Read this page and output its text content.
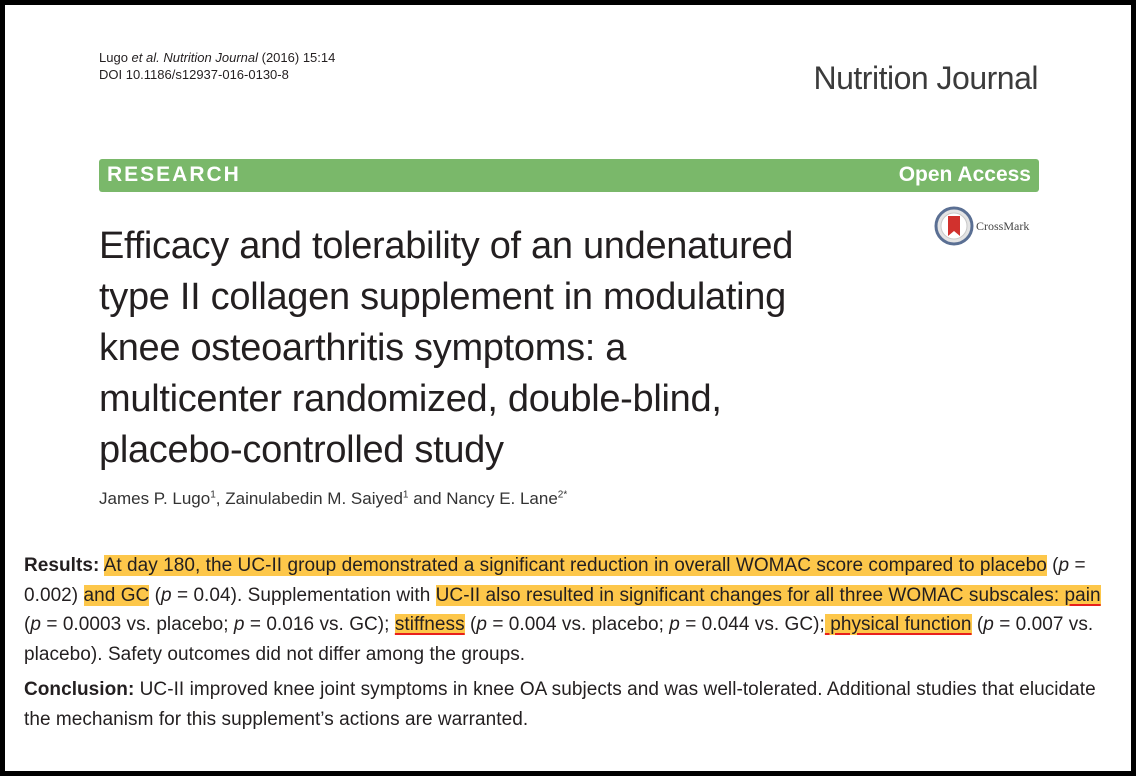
Lugo et al. Nutrition Journal (2016) 15:14
DOI 10.1186/s12937-016-0130-8	Nutrition Journal
RESEARCH	Open Access
CrossMark
Efficacy and tolerability of an undenatured
type II collagen supplement in modulating
knee osteoarthritis symptoms: a
multicenter randomized, double-blind,
placebo-controlled study
James P. Lugo$^1$, Zainulabedin M. Saiyed$^1$ and Nancy E. Lane$^{2*}$

Results: At day 180, the UC-II group demonstrated a significant reduction in overall WOMAC score compared to placebo (p = 0.002) and GC (p = 0.04). Supplementation with UC-II also resulted in significant changes for all three WOMAC subscales: pain (p = 0.0003 vs. placebo; p = 0.016 vs. GC); stiffness (p = 0.004 vs. placebo; p = 0.044 vs. GC); physical function (p = 0.007 vs. placebo). Safety outcomes did not differ among the groups.

Conclusion: UC-II improved knee joint symptoms in knee OA subjects and was well-tolerated. Additional studies that elucidate the mechanism for this supplement’s actions are warranted.
